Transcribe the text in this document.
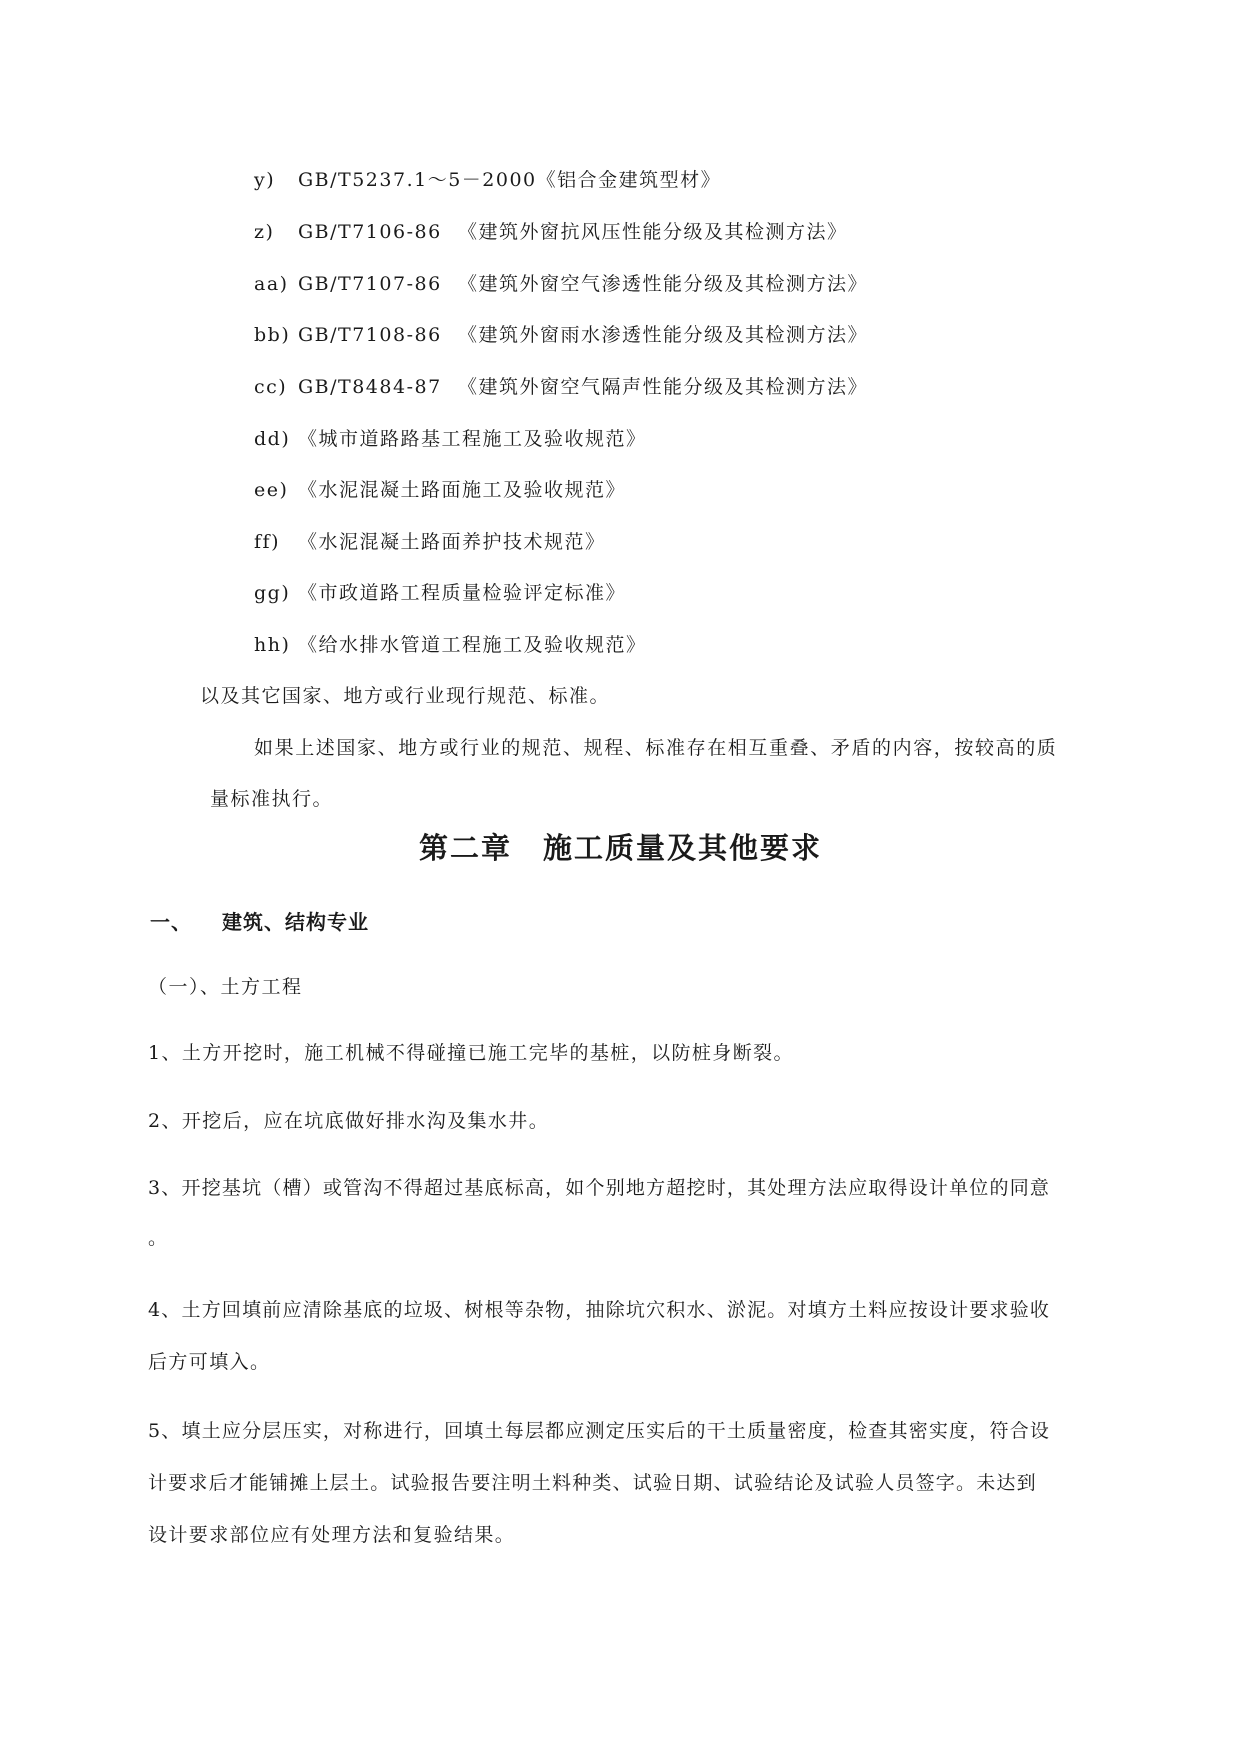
y) GB/T5237.1～5－2000《铝合金建筑型材》
z) GB/T7106-86 《建筑外窗抗风压性能分级及其检测方法》
aa) GB/T7107-86 《建筑外窗空气渗透性能分级及其检测方法》
bb) GB/T7108-86 《建筑外窗雨水渗透性能分级及其检测方法》
cc) GB/T8484-87 《建筑外窗空气隔声性能分级及其检测方法》
dd) 《城市道路路基工程施工及验收规范》
ee) 《水泥混凝土路面施工及验收规范》
ff) 《水泥混凝土路面养护技术规范》
gg) 《市政道路工程质量检验评定标准》
hh) 《给水排水管道工程施工及验收规范》
以及其它国家、地方或行业现行规范、标准。
如果上述国家、地方或行业的规范、规程、标准存在相互重叠、矛盾的内容，按较高的质
量标准执行。
第二章　施工质量及其他要求
一、 建筑、结构专业
（一）、土方工程
1、土方开挖时，施工机械不得碰撞已施工完毕的基桩，以防桩身断裂。
2、开挖后，应在坑底做好排水沟及集水井。
3、开挖基坑（槽）或管沟不得超过基底标高，如个别地方超挖时，其处理方法应取得设计单位的同意
。
4、土方回填前应清除基底的垃圾、树根等杂物，抽除坑穴积水、淤泥。对填方土料应按设计要求验收
后方可填入。
5、填土应分层压实，对称进行，回填土每层都应测定压实后的干土质量密度，检查其密实度，符合设
计要求后才能铺摊上层土。试验报告要注明土料种类、试验日期、试验结论及试验人员签字。未达到
设计要求部位应有处理方法和复验结果。
